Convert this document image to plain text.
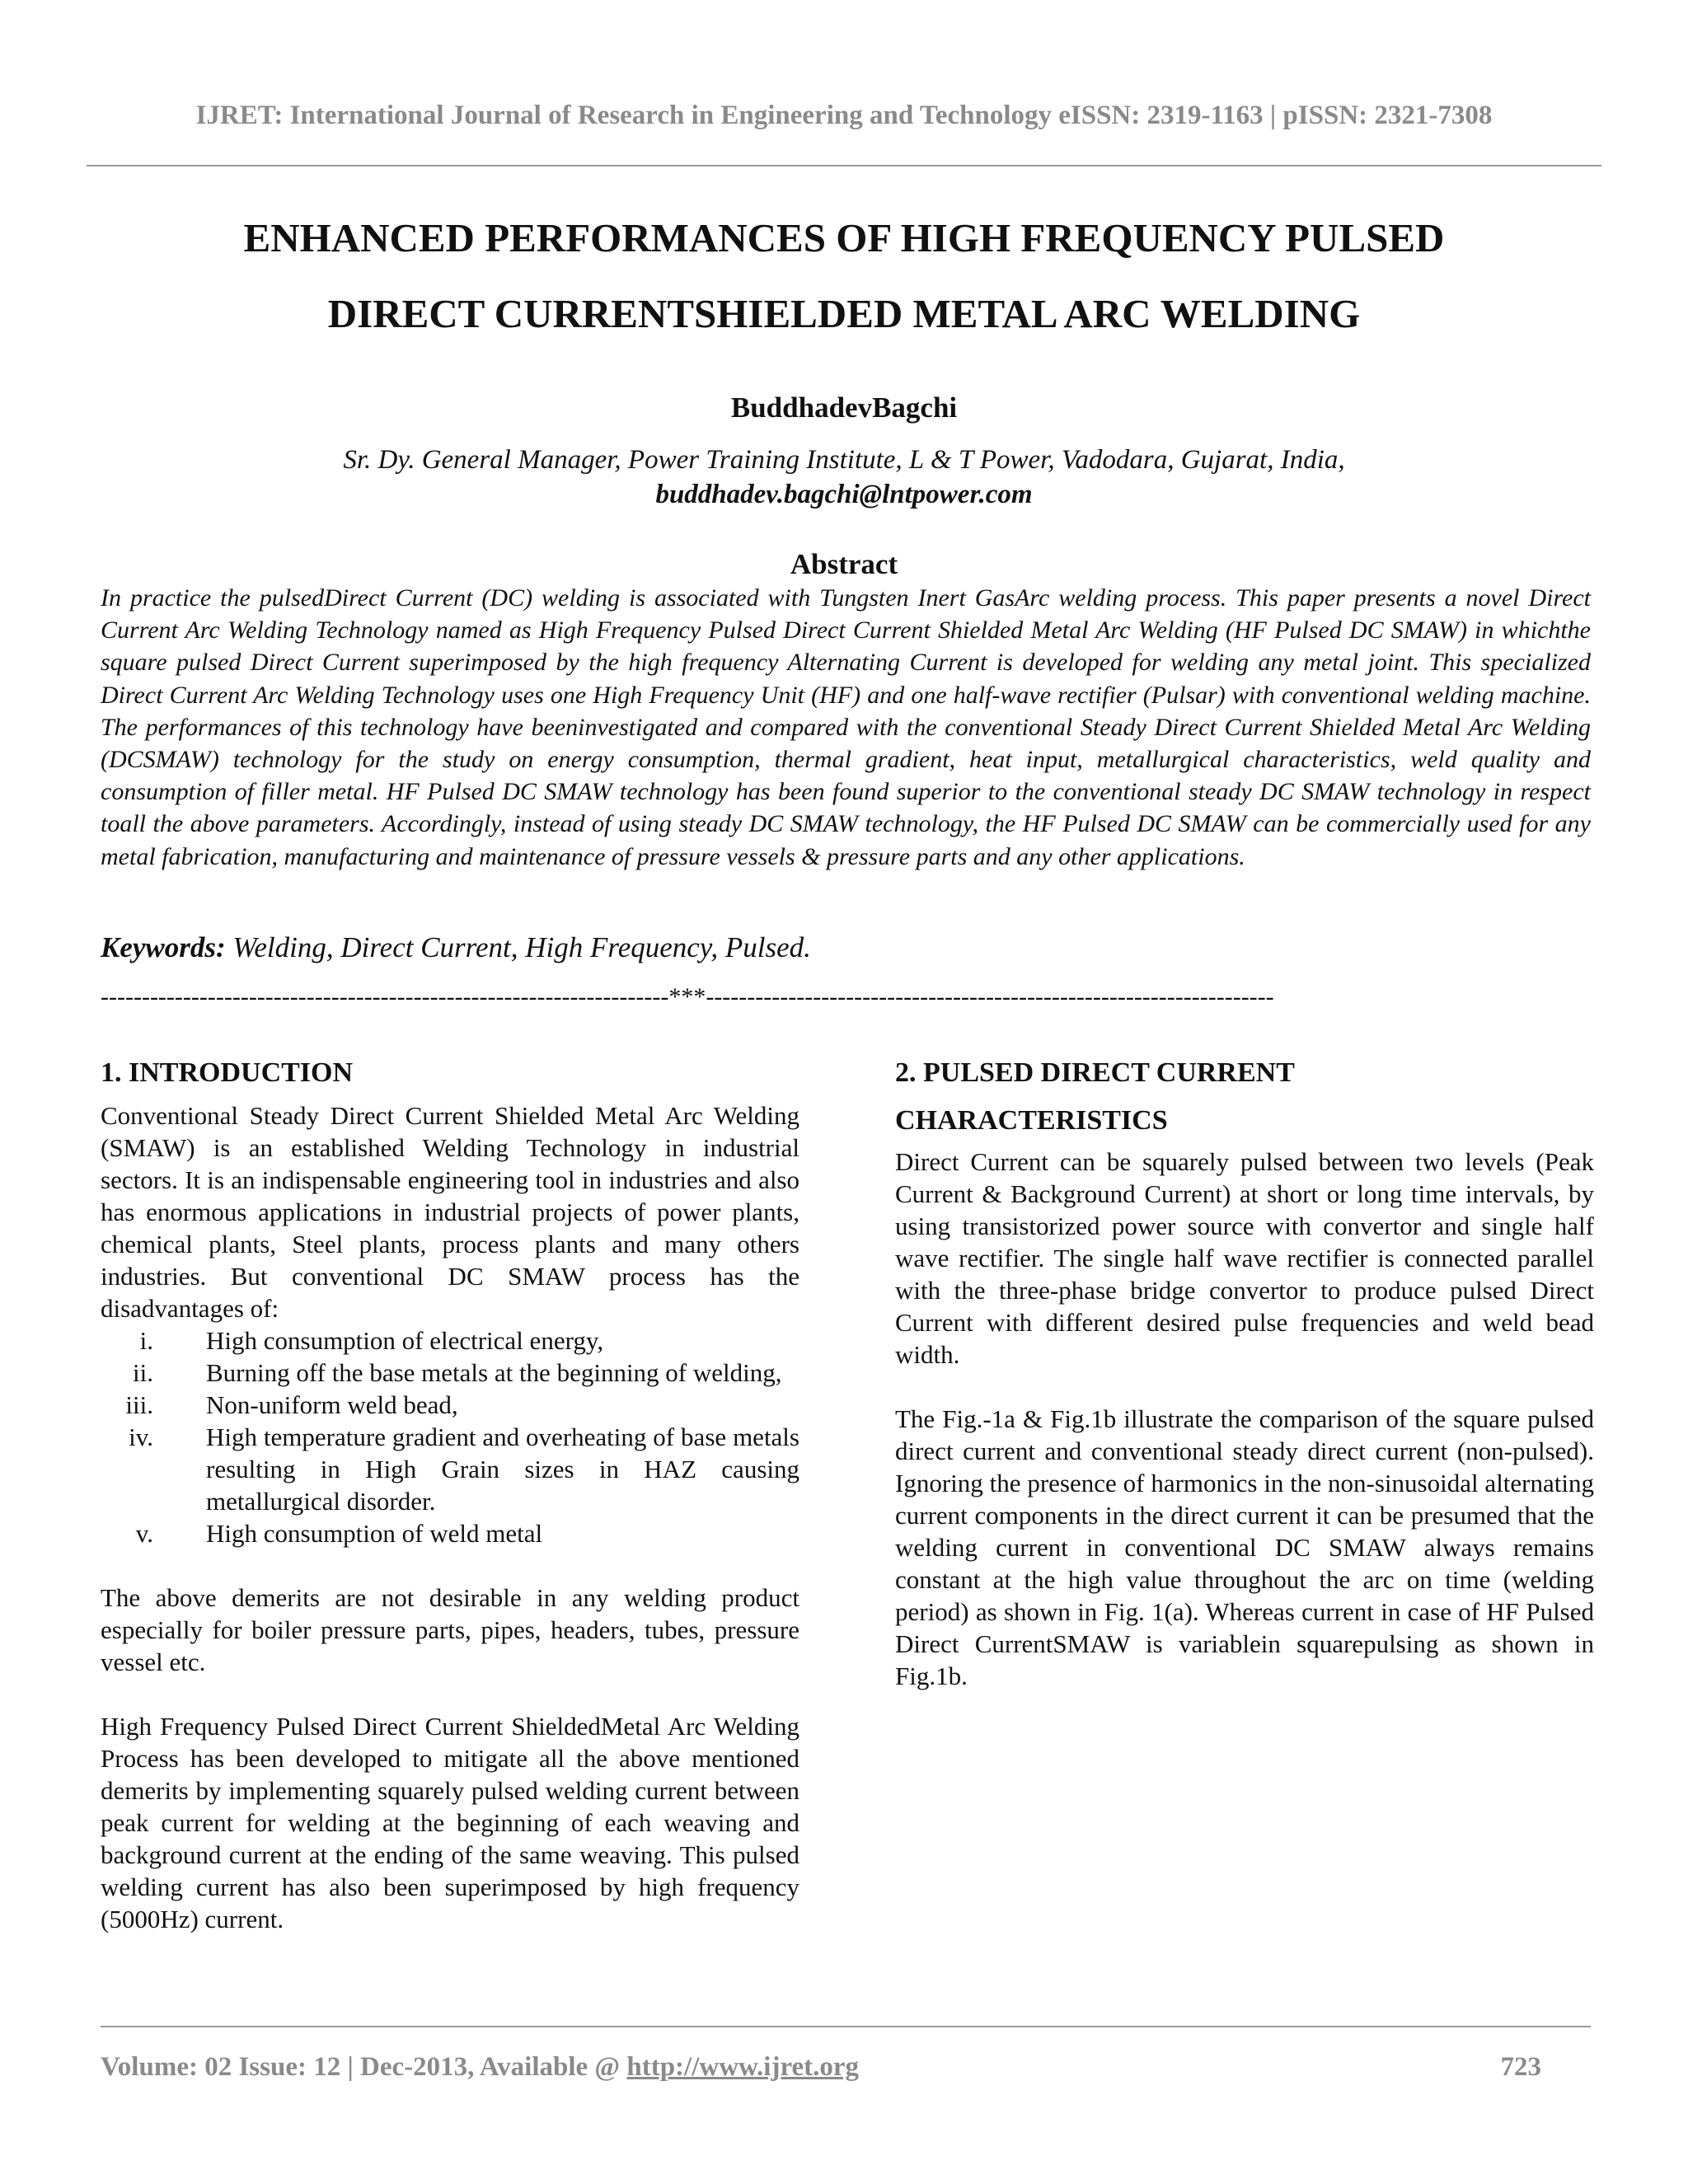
IJRET: International Journal of Research in Engineering and Technology eISSN: 2319-1163 | pISSN: 2321-7308
ENHANCED PERFORMANCES OF HIGH FREQUENCY PULSED
DIRECT CURRENTSHIELDED METAL ARC WELDING
BuddhadevBagchi
Sr. Dy. General Manager, Power Training Institute, L & T Power, Vadodara, Gujarat, India,
buddhadev.bagchi@lntpower.com
Abstract
In practice the pulsedDirect Current (DC) welding is associated with Tungsten Inert GasArc welding process. This paper presents a novel Direct Current Arc Welding Technology named as High Frequency Pulsed Direct Current Shielded Metal Arc Welding (HF Pulsed DC SMAW) in whichthe square pulsed Direct Current superimposed by the high frequency Alternating Current is developed for welding any metal joint. This specialized Direct Current Arc Welding Technology uses one High Frequency Unit (HF) and one half-wave rectifier (Pulsar) with conventional welding machine. The performances of this technology have beeninvestigated and compared with the conventional Steady Direct Current Shielded Metal Arc Welding (DCSMAW) technology for the study on energy consumption, thermal gradient, heat input, metallurgical characteristics, weld quality and consumption of filler metal. HF Pulsed DC SMAW technology has been found superior to the conventional steady DC SMAW technology in respect toall the above parameters. Accordingly, instead of using steady DC SMAW technology, the HF Pulsed DC SMAW can be commercially used for any metal fabrication, manufacturing and maintenance of pressure vessels & pressure parts and any other applications.
Keywords: Welding, Direct Current, High Frequency, Pulsed.
---------------------------------------------------------------------***---------------------------------------------------------------------
1. INTRODUCTION

Conventional Steady Direct Current Shielded Metal Arc Welding (SMAW) is an established Welding Technology in industrial sectors. It is an indispensable engineering tool in industries and also has enormous applications in industrial projects of power plants, chemical plants, Steel plants, process plants and many others industries. But conventional DC SMAW process has the disadvantages of:

i. High consumption of electrical energy,
ii. Burning off the base metals at the beginning of welding,
iii. Non-uniform weld bead,
iv. High temperature gradient and overheating of base metals resulting in High Grain sizes in HAZ causing metallurgical disorder.
v. High consumption of weld metal

The above demerits are not desirable in any welding product especially for boiler pressure parts, pipes, headers, tubes, pressure vessel etc.

High Frequency Pulsed Direct Current ShieldedMetal Arc Welding Process has been developed to mitigate all the above mentioned demerits by implementing squarely pulsed welding current between peak current for welding at the beginning of each weaving and background current at the ending of the same weaving. This pulsed welding current has also been superimposed by high frequency (5000Hz) current.

2. PULSED DIRECT CURRENT
CHARACTERISTICS

Direct Current can be squarely pulsed between two levels (Peak Current & Background Current) at short or long time intervals, by using transistorized power source with convertor and single half wave rectifier. The single half wave rectifier is connected parallel with the three-phase bridge convertor to produce pulsed Direct Current with different desired pulse frequencies and weld bead width.

The Fig.-1a & Fig.1b illustrate the comparison of the square pulsed direct current and conventional steady direct current (non-pulsed). Ignoring the presence of harmonics in the non-sinusoidal alternating current components in the direct current it can be presumed that the welding current in conventional DC SMAW always remains constant at the high value throughout the arc on time (welding period) as shown in Fig. 1(a). Whereas current in case of HF Pulsed Direct CurrentSMAW is variablein squarepulsing as shown in Fig.1b.

Volume: 02 Issue: 12 | Dec-2013, Available @ http://www.ijret.org	723
